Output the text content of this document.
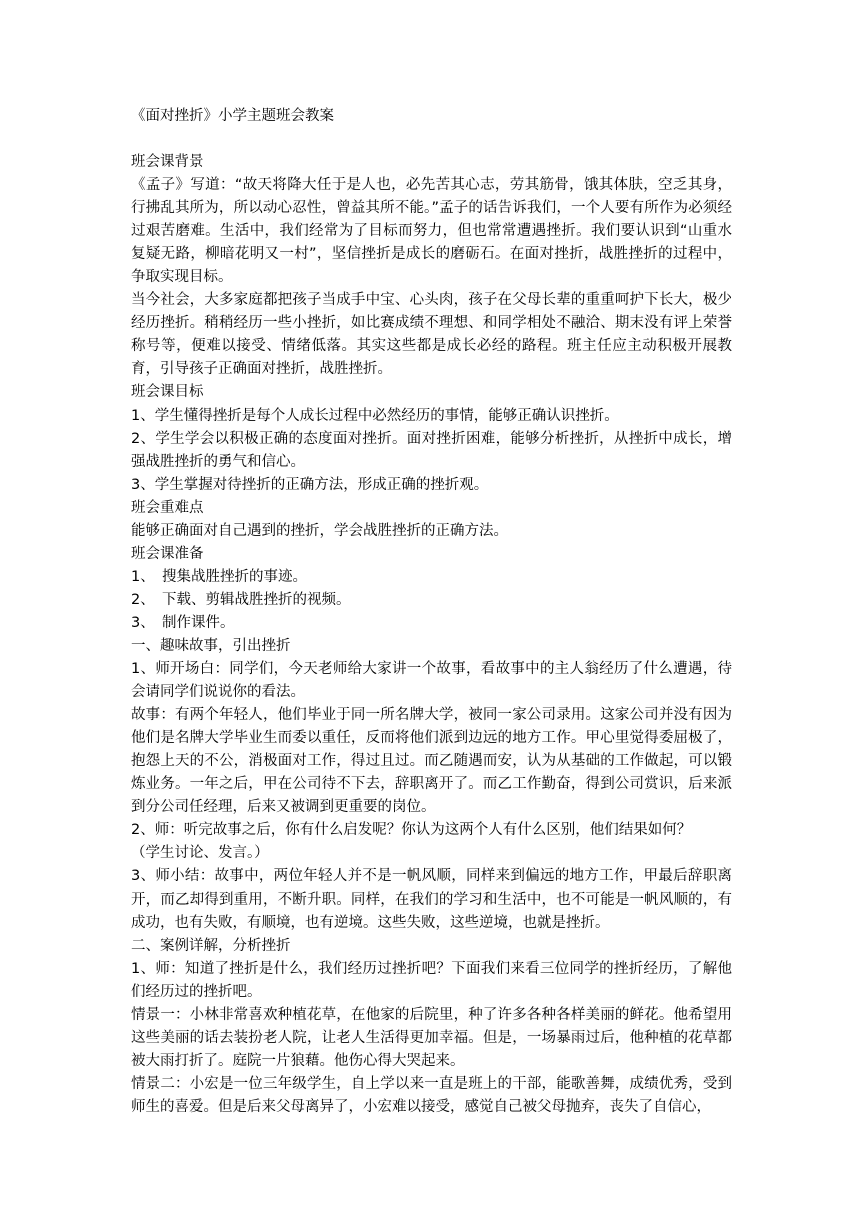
《面对挫折》小学主题班会教案

班会课背景

《孟子》写道：“故天将降大任于是人也，必先苦其心志，劳其筋骨，饿其体肤，空乏其身，行拂乱其所为，所以动心忍性，曾益其所不能。”孟子的话告诉我们，一个人要有所作为必须经过艰苦磨难。生活中，我们经常为了目标而努力，但也常常遭遇挫折。我们要认识到“山重水复疑无路，柳暗花明又一村”，坚信挫折是成长的磨砺石。在面对挫折，战胜挫折的过程中，争取实现目标。

当今社会，大多家庭都把孩子当成手中宝、心头肉，孩子在父母长辈的重重呵护下长大，极少经历挫折。稍稍经历一些小挫折，如比赛成绩不理想、和同学相处不融洽、期末没有评上荣誉称号等，便难以接受、情绪低落。其实这些都是成长必经的路程。班主任应主动积极开展教育，引导孩子正确面对挫折，战胜挫折。

班会课目标

1、学生懂得挫折是每个人成长过程中必然经历的事情，能够正确认识挫折。

2、学生学会以积极正确的态度面对挫折。面对挫折困难，能够分析挫折，从挫折中成长，增强战胜挫折的勇气和信心。

3、学生掌握对待挫折的正确方法，形成正确的挫折观。

班会重难点

能够正确面对自己遇到的挫折，学会战胜挫折的正确方法。

班会课准备

1、　搜集战胜挫折的事迹。

2、　下载、剪辑战胜挫折的视频。

3、　制作课件。

一、趣味故事，引出挫折

1、师开场白：同学们，今天老师给大家讲一个故事，看故事中的主人翁经历了什么遭遇，待会请同学们说说你的看法。

故事：有两个年轻人，他们毕业于同一所名牌大学，被同一家公司录用。这家公司并没有因为他们是名牌大学毕业生而委以重任，反而将他们派到边远的地方工作。甲心里觉得委屈极了，抱怨上天的不公，消极面对工作，得过且过。而乙随遇而安，认为从基础的工作做起，可以锻炼业务。一年之后，甲在公司待不下去，辞职离开了。而乙工作勤奋，得到公司赏识，后来派到分公司任经理，后来又被调到更重要的岗位。

2、师：听完故事之后，你有什么启发呢？你认为这两个人有什么区别，他们结果如何？

（学生讨论、发言。）

3、师小结：故事中，两位年轻人并不是一帆风顺，同样来到偏远的地方工作，甲最后辞职离开，而乙却得到重用，不断升职。同样，在我们的学习和生活中，也不可能是一帆风顺的，有成功，也有失败，有顺境，也有逆境。这些失败，这些逆境，也就是挫折。

二、案例详解，分析挫折

1、师：知道了挫折是什么，我们经历过挫折吧？下面我们来看三位同学的挫折经历，了解他们经历过的挫折吧。

情景一：小林非常喜欢种植花草，在他家的后院里，种了许多各种各样美丽的鲜花。他希望用这些美丽的话去装扮老人院，让老人生活得更加幸福。但是，一场暴雨过后，他种植的花草都被大雨打折了。庭院一片狼藉。他伤心得大哭起来。

情景二：小宏是一位三年级学生，自上学以来一直是班上的干部，能歌善舞，成绩优秀，受到师生的喜爱。但是后来父母离异了，小宏难以接受，感觉自己被父母抛弃，丧失了自信心，
